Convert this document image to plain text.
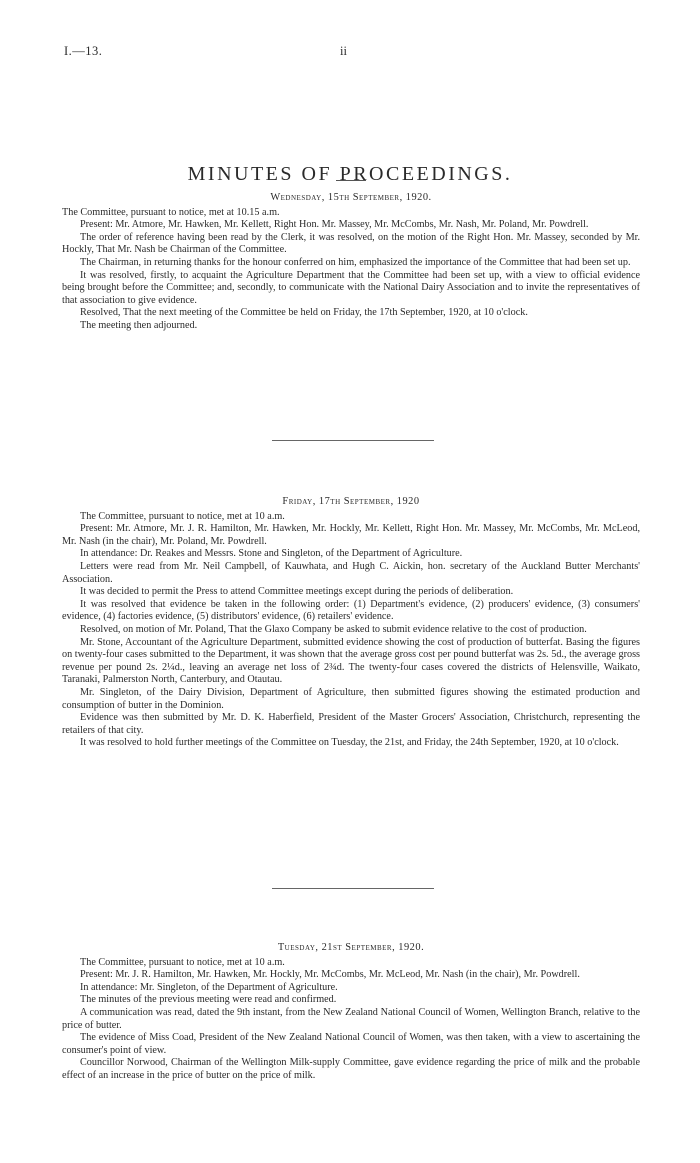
I.—13.	ii
MINUTES OF PROCEEDINGS.
Wednesday, 15th September, 1920.

The Committee, pursuant to notice, met at 10.15 a.m.

Present: Mr. Atmore, Mr. Hawken, Mr. Kellett, Right Hon. Mr. Massey, Mr. McCombs, Mr. Nash, Mr. Poland, Mr. Powdrell.

The order of reference having been read by the Clerk, it was resolved, on the motion of the Right Hon. Mr. Massey, seconded by Mr. Hockly, That Mr. Nash be Chairman of the Committee.

The Chairman, in returning thanks for the honour conferred on him, emphasized the importance of the Committee that had been set up.

It was resolved, firstly, to acquaint the Agriculture Department that the Committee had been set up, with a view to official evidence being brought before the Committee; and, secondly, to communicate with the National Dairy Association and to invite the representatives of that association to give evidence.

Resolved, That the next meeting of the Committee be held on Friday, the 17th September, 1920, at 10 o'clock.

The meeting then adjourned.

Friday, 17th September, 1920

The Committee, pursuant to notice, met at 10 a.m.

Present: Mr. Atmore, Mr. J. R. Hamilton, Mr. Hawken, Mr. Hockly, Mr. Kellett, Right Hon. Mr. Massey, Mr. McCombs, Mr. McLeod, Mr. Nash (in the chair), Mr. Poland, Mr. Powdrell.

In attendance: Dr. Reakes and Messrs. Stone and Singleton, of the Department of Agriculture.

Letters were read from Mr. Neil Campbell, of Kauwhata, and Hugh C. Aickin, hon. secretary of the Auckland Butter Merchants' Association.

It was decided to permit the Press to attend Committee meetings except during the periods of deliberation.

It was resolved that evidence be taken in the following order: (1) Department's evidence, (2) producers' evidence, (3) consumers' evidence, (4) factories evidence, (5) distributors' evidence, (6) retailers' evidence.

Resolved, on motion of Mr. Poland, That the Glaxo Company be asked to submit evidence relative to the cost of production.

Mr. Stone, Accountant of the Agriculture Department, submitted evidence showing the cost of production of butterfat. Basing the figures on twenty-four cases submitted to the Department, it was shown that the average gross cost per pound butterfat was 2s. 5d., the average gross revenue per pound 2s. 2¼d., leaving an average net loss of 2¾d. The twenty-four cases covered the districts of Helensville, Waikato, Taranaki, Palmerston North, Canterbury, and Otautau.

Mr. Singleton, of the Dairy Division, Department of Agriculture, then submitted figures showing the estimated production and consumption of butter in the Dominion.

Evidence was then submitted by Mr. D. K. Haberfield, President of the Master Grocers' Association, Christchurch, representing the retailers of that city.

It was resolved to hold further meetings of the Committee on Tuesday, the 21st, and Friday, the 24th September, 1920, at 10 o'clock.

Tuesday, 21st September, 1920.

The Committee, pursuant to notice, met at 10 a.m.

Present: Mr. J. R. Hamilton, Mr. Hawken, Mr. Hockly, Mr. McCombs, Mr. McLeod, Mr. Nash (in the chair), Mr. Powdrell.

In attendance: Mr. Singleton, of the Department of Agriculture.

The minutes of the previous meeting were read and confirmed.

A communication was read, dated the 9th instant, from the New Zealand National Council of Women, Wellington Branch, relative to the price of butter.

The evidence of Miss Coad, President of the New Zealand National Council of Women, was then taken, with a view to ascertaining the consumer's point of view.

Councillor Norwood, Chairman of the Wellington Milk-supply Committee, gave evidence regarding the price of milk and the probable effect of an increase in the price of butter on the price of milk.
